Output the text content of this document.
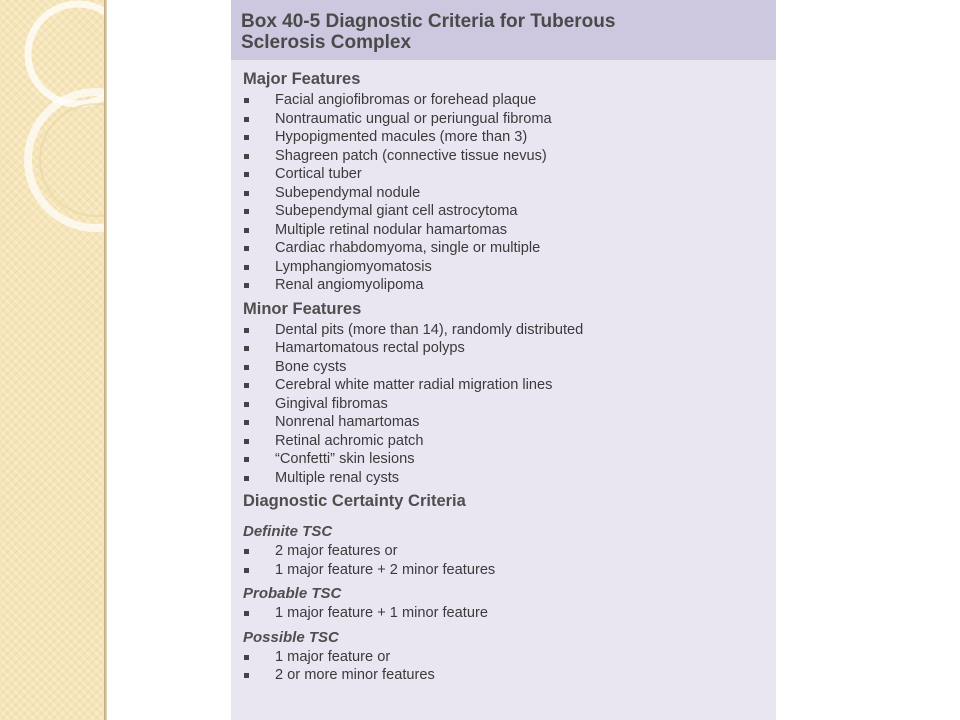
Box 40-5 Diagnostic Criteria for Tuberous
Sclerosis Complex
Major Features
Facial angiofibromas or forehead plaque
Nontraumatic ungual or periungual fibroma
Hypopigmented macules (more than 3)
Shagreen patch (connective tissue nevus)
Cortical tuber
Subependymal nodule
Subependymal giant cell astrocytoma
Multiple retinal nodular hamartomas
Cardiac rhabdomyoma, single or multiple
Lymphangiomyomatosis
Renal angiomyolipoma
Minor Features
Dental pits (more than 14), randomly distributed
Hamartomatous rectal polyps
Bone cysts
Cerebral white matter radial migration lines
Gingival fibromas
Nonrenal hamartomas
Retinal achromic patch
“Confetti” skin lesions
Multiple renal cysts
Diagnostic Certainty Criteria
Definite TSC
2 major features or
1 major feature + 2 minor features
Probable TSC
1 major feature + 1 minor feature
Possible TSC
1 major feature or
2 or more minor features
